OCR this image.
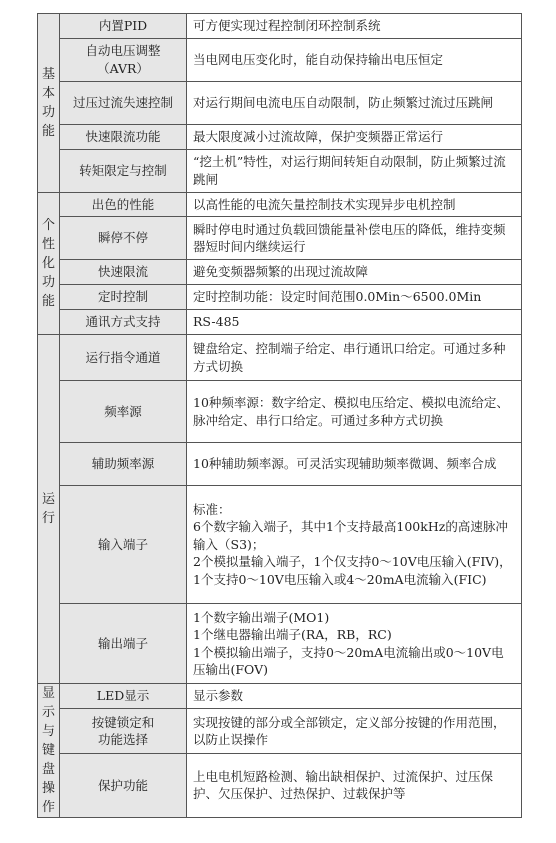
基本功能	内置PID	可方便实现过程控制闭环控制系统
	自动电压调整
（AVR）	当电网电压变化时，能自动保持输出电压恒定
	过压过流失速控制	对运行期间电流电压自动限制，防止频繁过流过压跳闸
	快速限流功能	最大限度减小过流故障，保护变频器正常运行
	转矩限定与控制	“挖土机”特性，对运行期间转矩自动限制，防止频繁过流跳闸

个性化功能	出色的性能	以高性能的电流矢量控制技术实现异步电机控制
	瞬停不停	瞬时停电时通过负载回馈能量补偿电压的降低，维持变频器短时间内继续运行
	快速限流	避免变频器频繁的出现过流故障
	定时控制	定时控制功能：设定时间范围0.0Min～6500.0Min
	通讯方式支持	RS-485

运行	运行指令通道	键盘给定、控制端子给定、串行通讯口给定。可通过多种方式切换
	频率源	10种频率源：数字给定、模拟电压给定、模拟电流给定、脉冲给定、串行口给定。可通过多种方式切换
	辅助频率源	10种辅助频率源。可灵活实现辅助频率微调、频率合成
	输入端子	标准：
6个数字输入端子，其中1个支持最高100kHz的高速脉冲输入（S3)；
2个模拟量输入端子，1个仅支持0～10V电压输入(FIV)，1个支持0～10V电压输入或4～20mA电流输入(FIC)
	输出端子	1个数字输出端子(MO1)
1个继电器输出端子(RA，RB，RC)
1个模拟输出端子，支持0～20mA电流输出或0～10V电压输出(FOV)

显示与键盘操作	LED显示	显示参数
	按键锁定和
功能选择	实现按键的部分或全部锁定，定义部分按键的作用范围，以防止误操作
	保护功能	上电电机短路检测、输出缺相保护、过流保护、过压保护、欠压保护、过热保护、过载保护等
